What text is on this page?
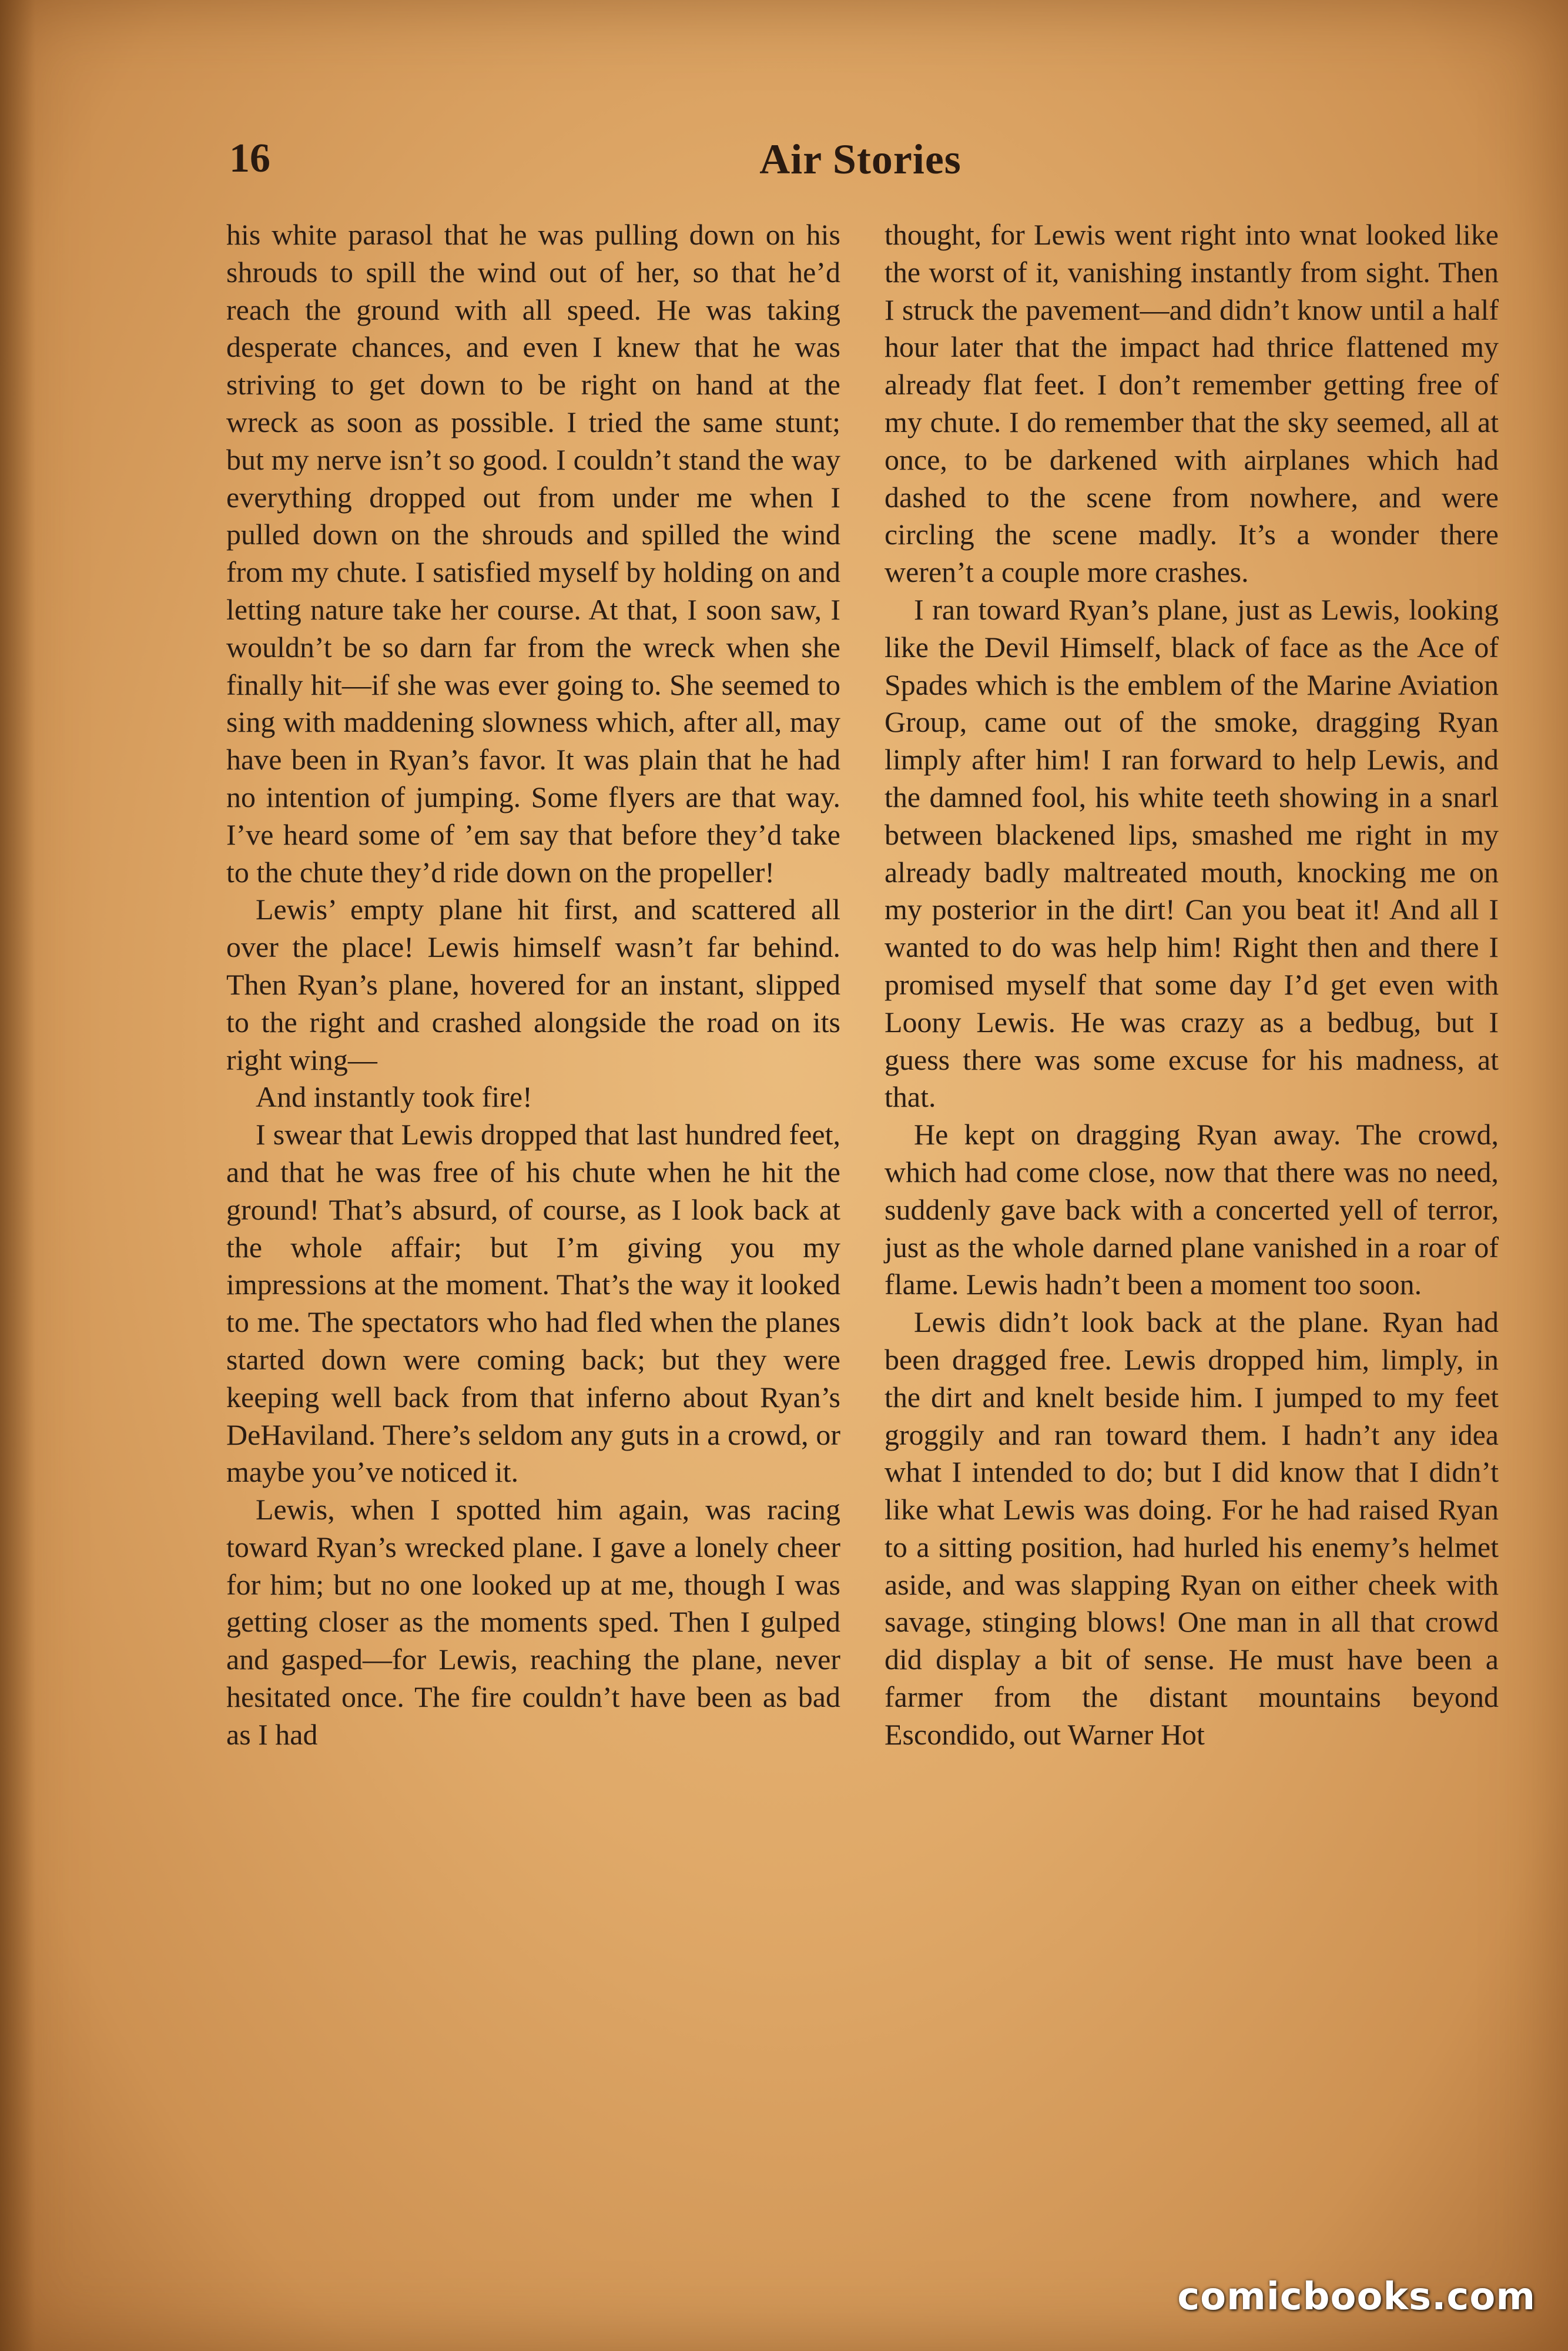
16	Air Stories

his white parasol that he was pulling down on his shrouds to spill the wind out of her, so that he’d reach the ground with all speed. He was taking desperate chances, and even I knew that he was striving to get down to be right on hand at the wreck as soon as possible. I tried the same stunt; but my nerve isn’t so good. I couldn’t stand the way everything dropped out from under me when I pulled down on the shrouds and spilled the wind from my chute. I satisfied myself by holding on and letting nature take her course. At that, I soon saw, I wouldn’t be so darn far from the wreck when she finally hit—if she was ever going to. She seemed to sing with maddening slowness which, after all, may have been in Ryan’s favor. It was plain that he had no intention of jumping. Some flyers are that way. I’ve heard some of ’em say that before they’d take to the chute they’d ride down on the propeller!

Lewis’ empty plane hit first, and scattered all over the place! Lewis himself wasn’t far behind. Then Ryan’s plane, hovered for an instant, slipped to the right and crashed alongside the road on its right wing—

And instantly took fire!

I swear that Lewis dropped that last hundred feet, and that he was free of his chute when he hit the ground! That’s absurd, of course, as I look back at the whole affair; but I’m giving you my impressions at the moment. That’s the way it looked to me. The spectators who had fled when the planes started down were coming back; but they were keeping well back from that inferno about Ryan’s DeHaviland. There’s seldom any guts in a crowd, or maybe you’ve noticed it.

Lewis, when I spotted him again, was racing toward Ryan’s wrecked plane. I gave a lonely cheer for him; but no one looked up at me, though I was getting closer as the moments sped. Then I gulped and gasped—for Lewis, reaching the plane, never hesitated once. The fire couldn’t have been as bad as I had

thought, for Lewis went right into wnat looked like the worst of it, vanishing instantly from sight. Then I struck the pavement—and didn’t know until a half hour later that the impact had thrice flattened my already flat feet. I don’t remember getting free of my chute. I do remember that the sky seemed, all at once, to be darkened with airplanes which had dashed to the scene from nowhere, and were circling the scene madly. It’s a wonder there weren’t a couple more crashes.

I ran toward Ryan’s plane, just as Lewis, looking like the Devil Himself, black of face as the Ace of Spades which is the emblem of the Marine Aviation Group, came out of the smoke, dragging Ryan limply after him! I ran forward to help Lewis, and the damned fool, his white teeth showing in a snarl between blackened lips, smashed me right in my already badly maltreated mouth, knocking me on my posterior in the dirt! Can you beat it! And all I wanted to do was help him! Right then and there I promised myself that some day I’d get even with Loony Lewis. He was crazy as a bedbug, but I guess there was some excuse for his madness, at that.

He kept on dragging Ryan away. The crowd, which had come close, now that there was no need, suddenly gave back with a concerted yell of terror, just as the whole darned plane vanished in a roar of flame. Lewis hadn’t been a moment too soon.

Lewis didn’t look back at the plane. Ryan had been dragged free. Lewis dropped him, limply, in the dirt and knelt beside him. I jumped to my feet groggily and ran toward them. I hadn’t any idea what I intended to do; but I did know that I didn’t like what Lewis was doing. For he had raised Ryan to a sitting position, had hurled his enemy’s helmet aside, and was slapping Ryan on either cheek with savage, stinging blows! One man in all that crowd did display a bit of sense. He must have been a farmer from the distant mountains beyond Escondido, out Warner Hot

comicbooks.com
